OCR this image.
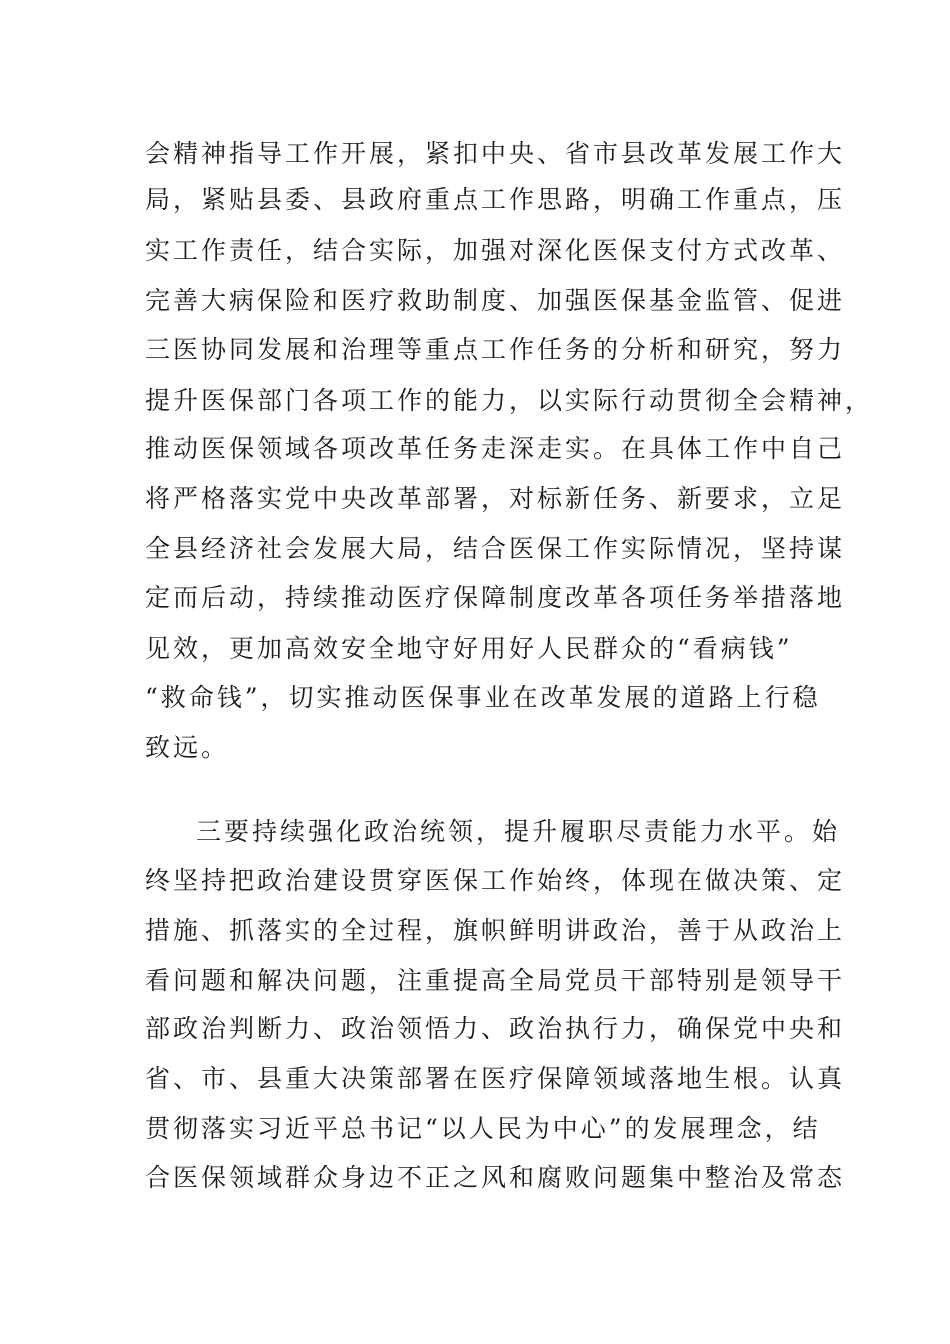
会精神指导工作开展，紧扣中央、省市县改革发展工作大
局，紧贴县委、县政府重点工作思路，明确工作重点，压
实工作责任，结合实际，加强对深化医保支付方式改革、
完善大病保险和医疗救助制度、加强医保基金监管、促进
三医协同发展和治理等重点工作任务的分析和研究，努力
提升医保部门各项工作的能力，以实际行动贯彻全会精神，
推动医保领域各项改革任务走深走实。在具体工作中自己
将严格落实党中央改革部署，对标新任务、新要求，立足
全县经济社会发展大局，结合医保工作实际情况，坚持谋
定而后动，持续推动医疗保障制度改革各项任务举措落地
见效，更加高效安全地守好用好人民群众的“看病钱”
“救命钱”，切实推动医保事业在改革发展的道路上行稳
致远。
三要持续强化政治统领，提升履职尽责能力水平。始
终坚持把政治建设贯穿医保工作始终，体现在做决策、定
措施、抓落实的全过程，旗帜鲜明讲政治，善于从政治上
看问题和解决问题，注重提高全局党员干部特别是领导干
部政治判断力、政治领悟力、政治执行力，确保党中央和
省、市、县重大决策部署在医疗保障领域落地生根。认真
贯彻落实习近平总书记“以人民为中心”的发展理念，结
合医保领域群众身边不正之风和腐败问题集中整治及常态
